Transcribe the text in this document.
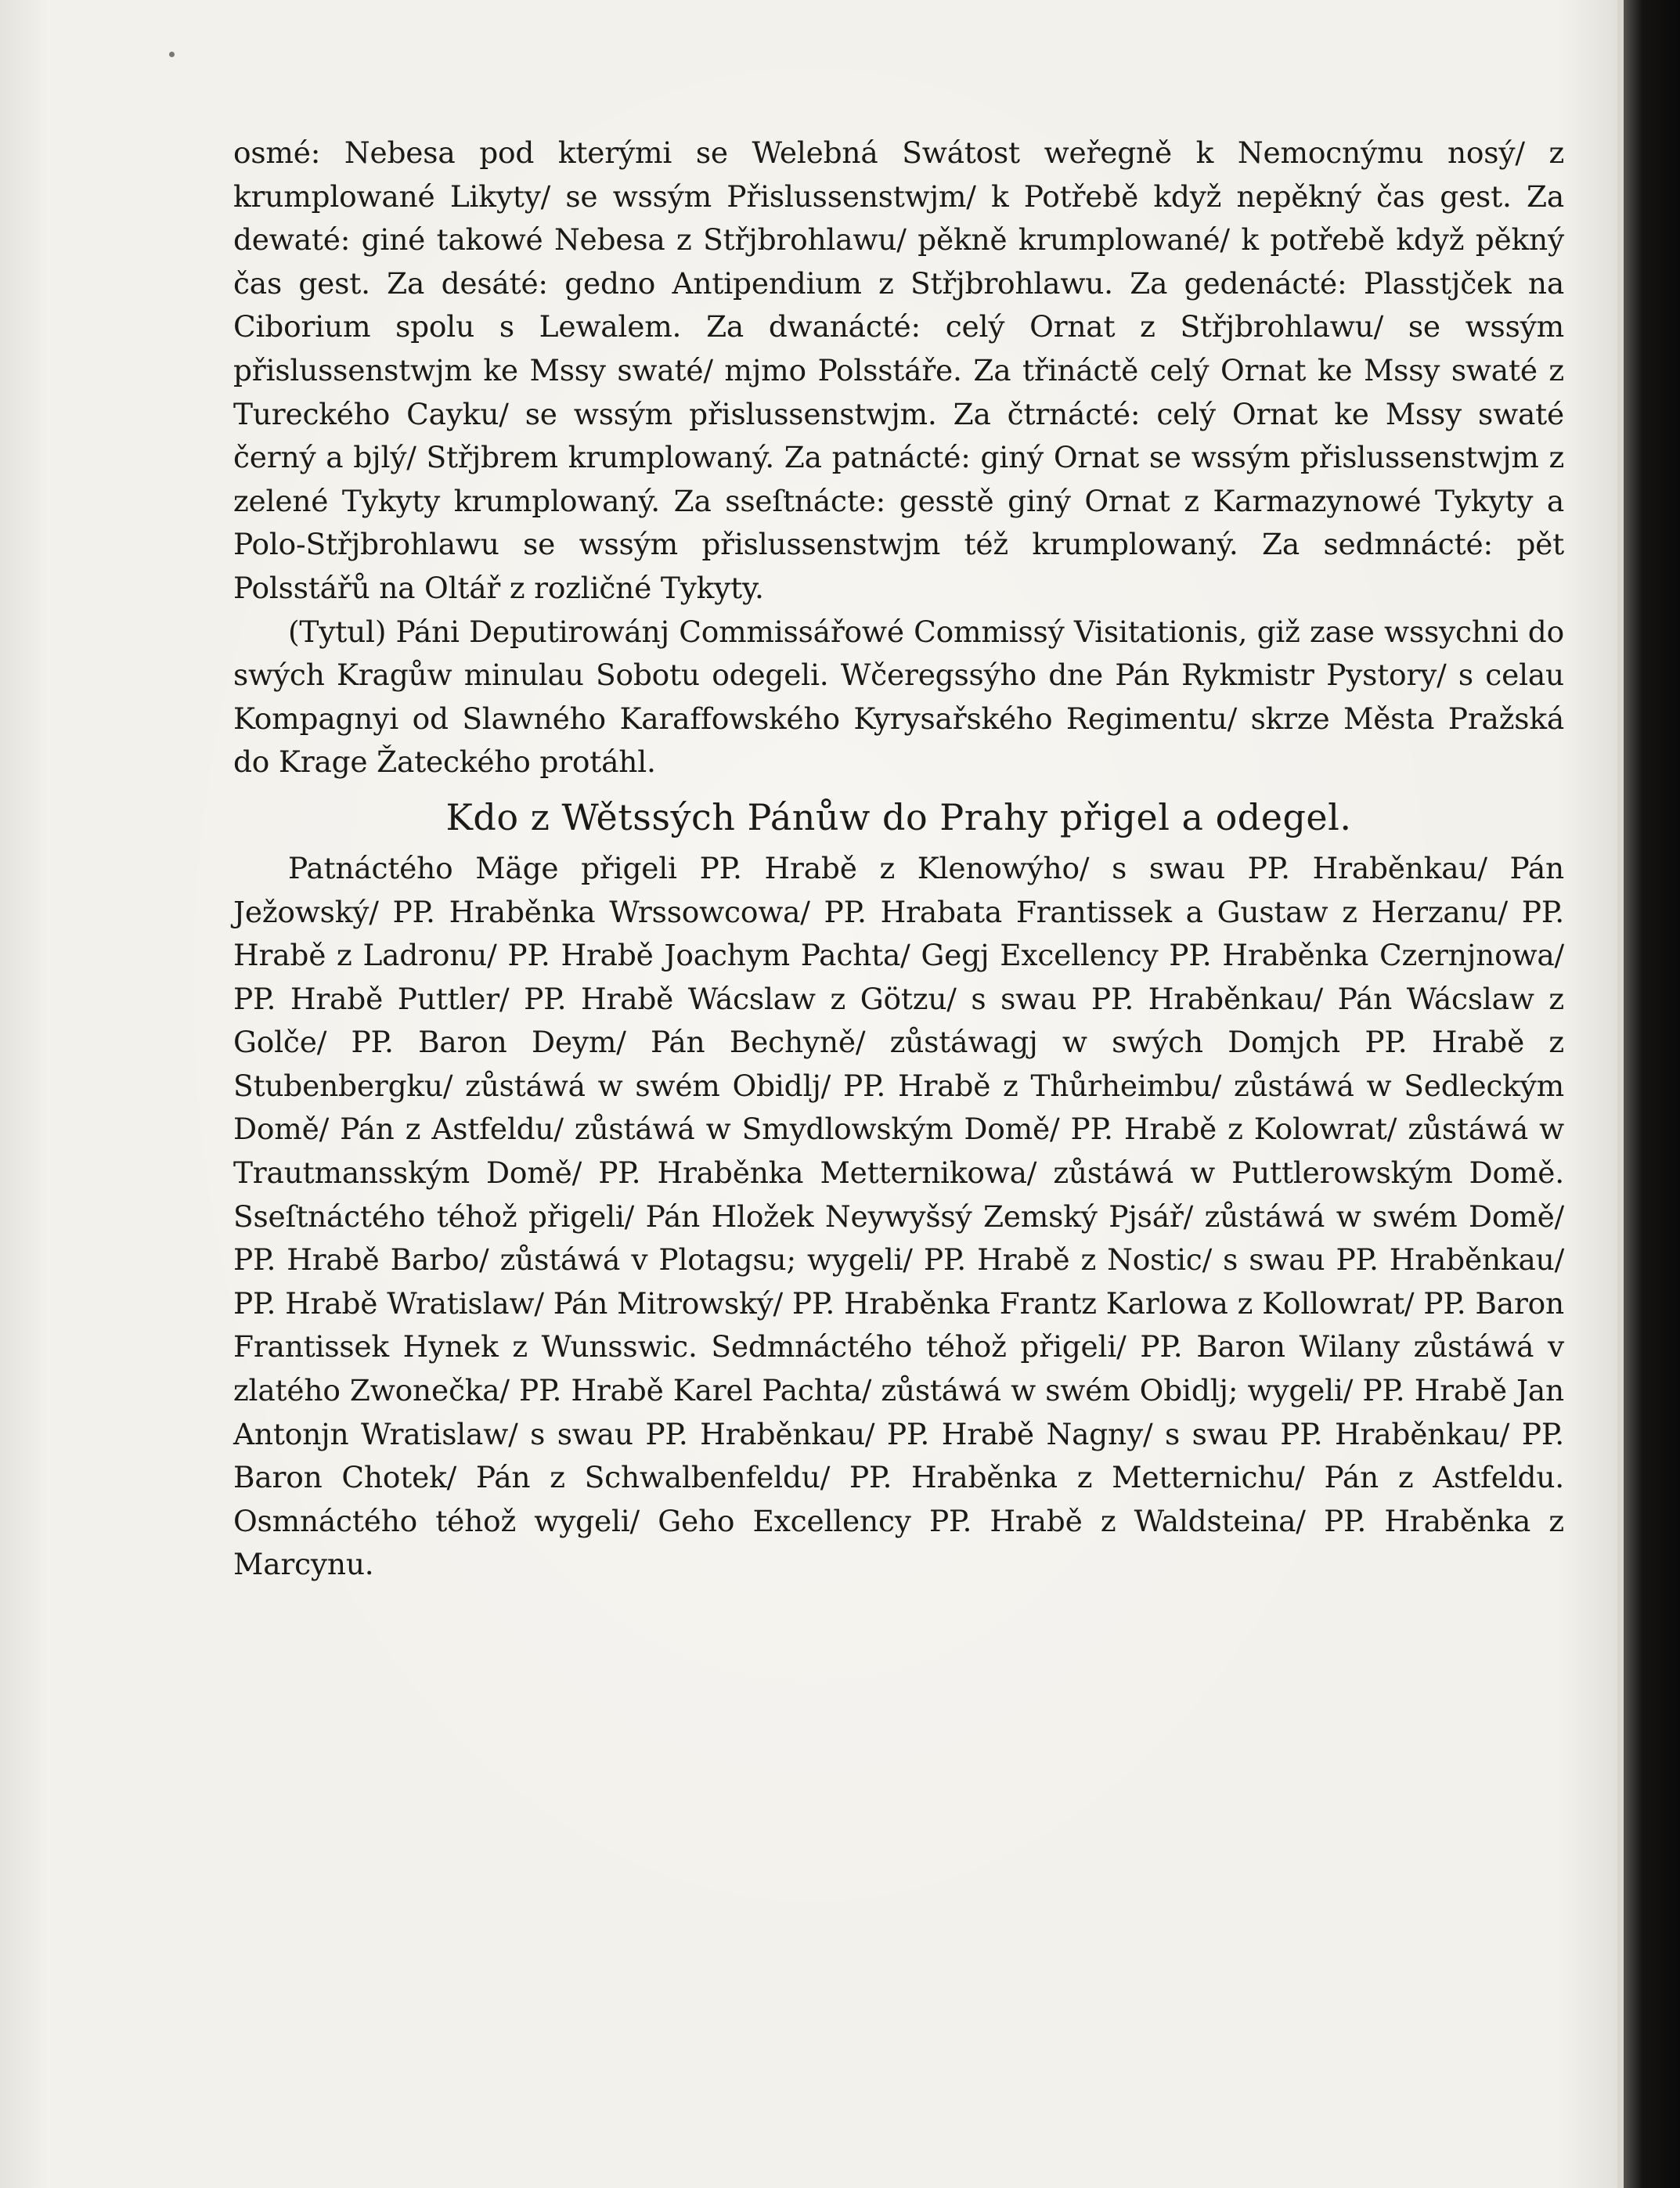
osmé: Nebesa pod kterými se Welebná Swátost weřegně k Nemocnýmu nosý/ z krumplowané Likyty/ se wssým Přislussenstwjm/ k Potřebě když nepěkný čas gest. Za dewaté: giné takowé Nebesa z Střjbrohlawu/ pěkně krumplowané/ k potřebě když pěkný čas gest. Za desáté: gedno Antipendium z Střjbrohlawu. Za gedenácté: Plasstjček na Ciborium spolu s Lewalem. Za dwanácté: celý Ornat z Střjbrohlawu/ se wssým přislussenstwjm ke Mssy swaté/ mjmo Polsstáře. Za třináctě celý Ornat ke Mssy swaté z Tureckého Cayku/ se wssým přislussenstwjm. Za čtrnácté: celý Ornat ke Mssy swaté černý a bjlý/ Střjbrem krumplowaný. Za patnácté: giný Ornat se wssým přislussenstwjm z zelené Tykyty krumplowaný. Za sseſtnácte: gesstě giný Ornat z Karmazynowé Tykyty a Polo-Střjbrohlawu se wssým přislussenstwjm též krumplowaný. Za sedmnácté: pět Polsstářů na Oltář z rozličné Tykyty.

(Tytul) Páni Deputirowánj Commissářowé Commissý Visitationis, giž zase wssychni do swých Kragůw minulau Sobotu odegeli. Wčeregssýho dne Pán Rykmistr Pystory/ s celau Kompagnyi od Slawného Karaffowského Kyrysařského Regimentu/ skrze Města Pražská do Krage Žateckého protáhl.

Kdo z Wětssých Pánůw do Prahy přigel a odegel.

Patnáctého Mäge přigeli PP. Hrabě z Klenowýho/ s swau PP. Hraběnkau/ Pán Ježowský/ PP. Hraběnka Wrssowcowa/ PP. Hrabata Frantissek a Gustaw z Herzanu/ PP. Hrabě z Ladronu/ PP. Hrabě Joachym Pachta/ Gegj Excellency PP. Hraběnka Czernjnowa/ PP. Hrabě Puttler/ PP. Hrabě Wácslaw z Götzu/ s swau PP. Hraběnkau/ Pán Wácslaw z Golče/ PP. Baron Deym/ Pán Bechyně/ zůstáwagj w swých Domjch PP. Hrabě z Stubenbergku/ zůstáwá w swém Obidlj/ PP. Hrabě z Thůrheimbu/ zůstáwá w Sedleckým Domě/ Pán z Astfeldu/ zůstáwá w Smydlowským Domě/ PP. Hrabě z Kolowrat/ zůstáwá w Trautmansským Domě/ PP. Hraběnka Metternikowa/ zůstáwá w Puttlerowským Domě. Sseſtnáctého téhož přigeli/ Pán Hložek Neywyšsý Zemský Pjsář/ zůstáwá w swém Domě/ PP. Hrabě Barbo/ zůstáwá v Plotagsu; wygeli/ PP. Hrabě z Nostic/ s swau PP. Hraběnkau/ PP. Hrabě Wratislaw/ Pán Mitrowský/ PP. Hraběnka Frantz Karlowa z Kollowrat/ PP. Baron Frantissek Hynek z Wunsswic. Sedmnáctého téhož přigeli/ PP. Baron Wilany zůstáwá v zlatého Zwonečka/ PP. Hrabě Karel Pachta/ zůstáwá w swém Obidlj; wygeli/ PP. Hrabě Jan Antonjn Wratislaw/ s swau PP. Hraběnkau/ PP. Hrabě Nagny/ s swau PP. Hraběnkau/ PP. Baron Chotek/ Pán z Schwalbenfeldu/ PP. Hraběnka z Metternichu/ Pán z Astfeldu. Osmnáctého téhož wygeli/ Geho Excellency PP. Hrabě z Waldsteina/ PP. Hraběnka z Marcynu.
